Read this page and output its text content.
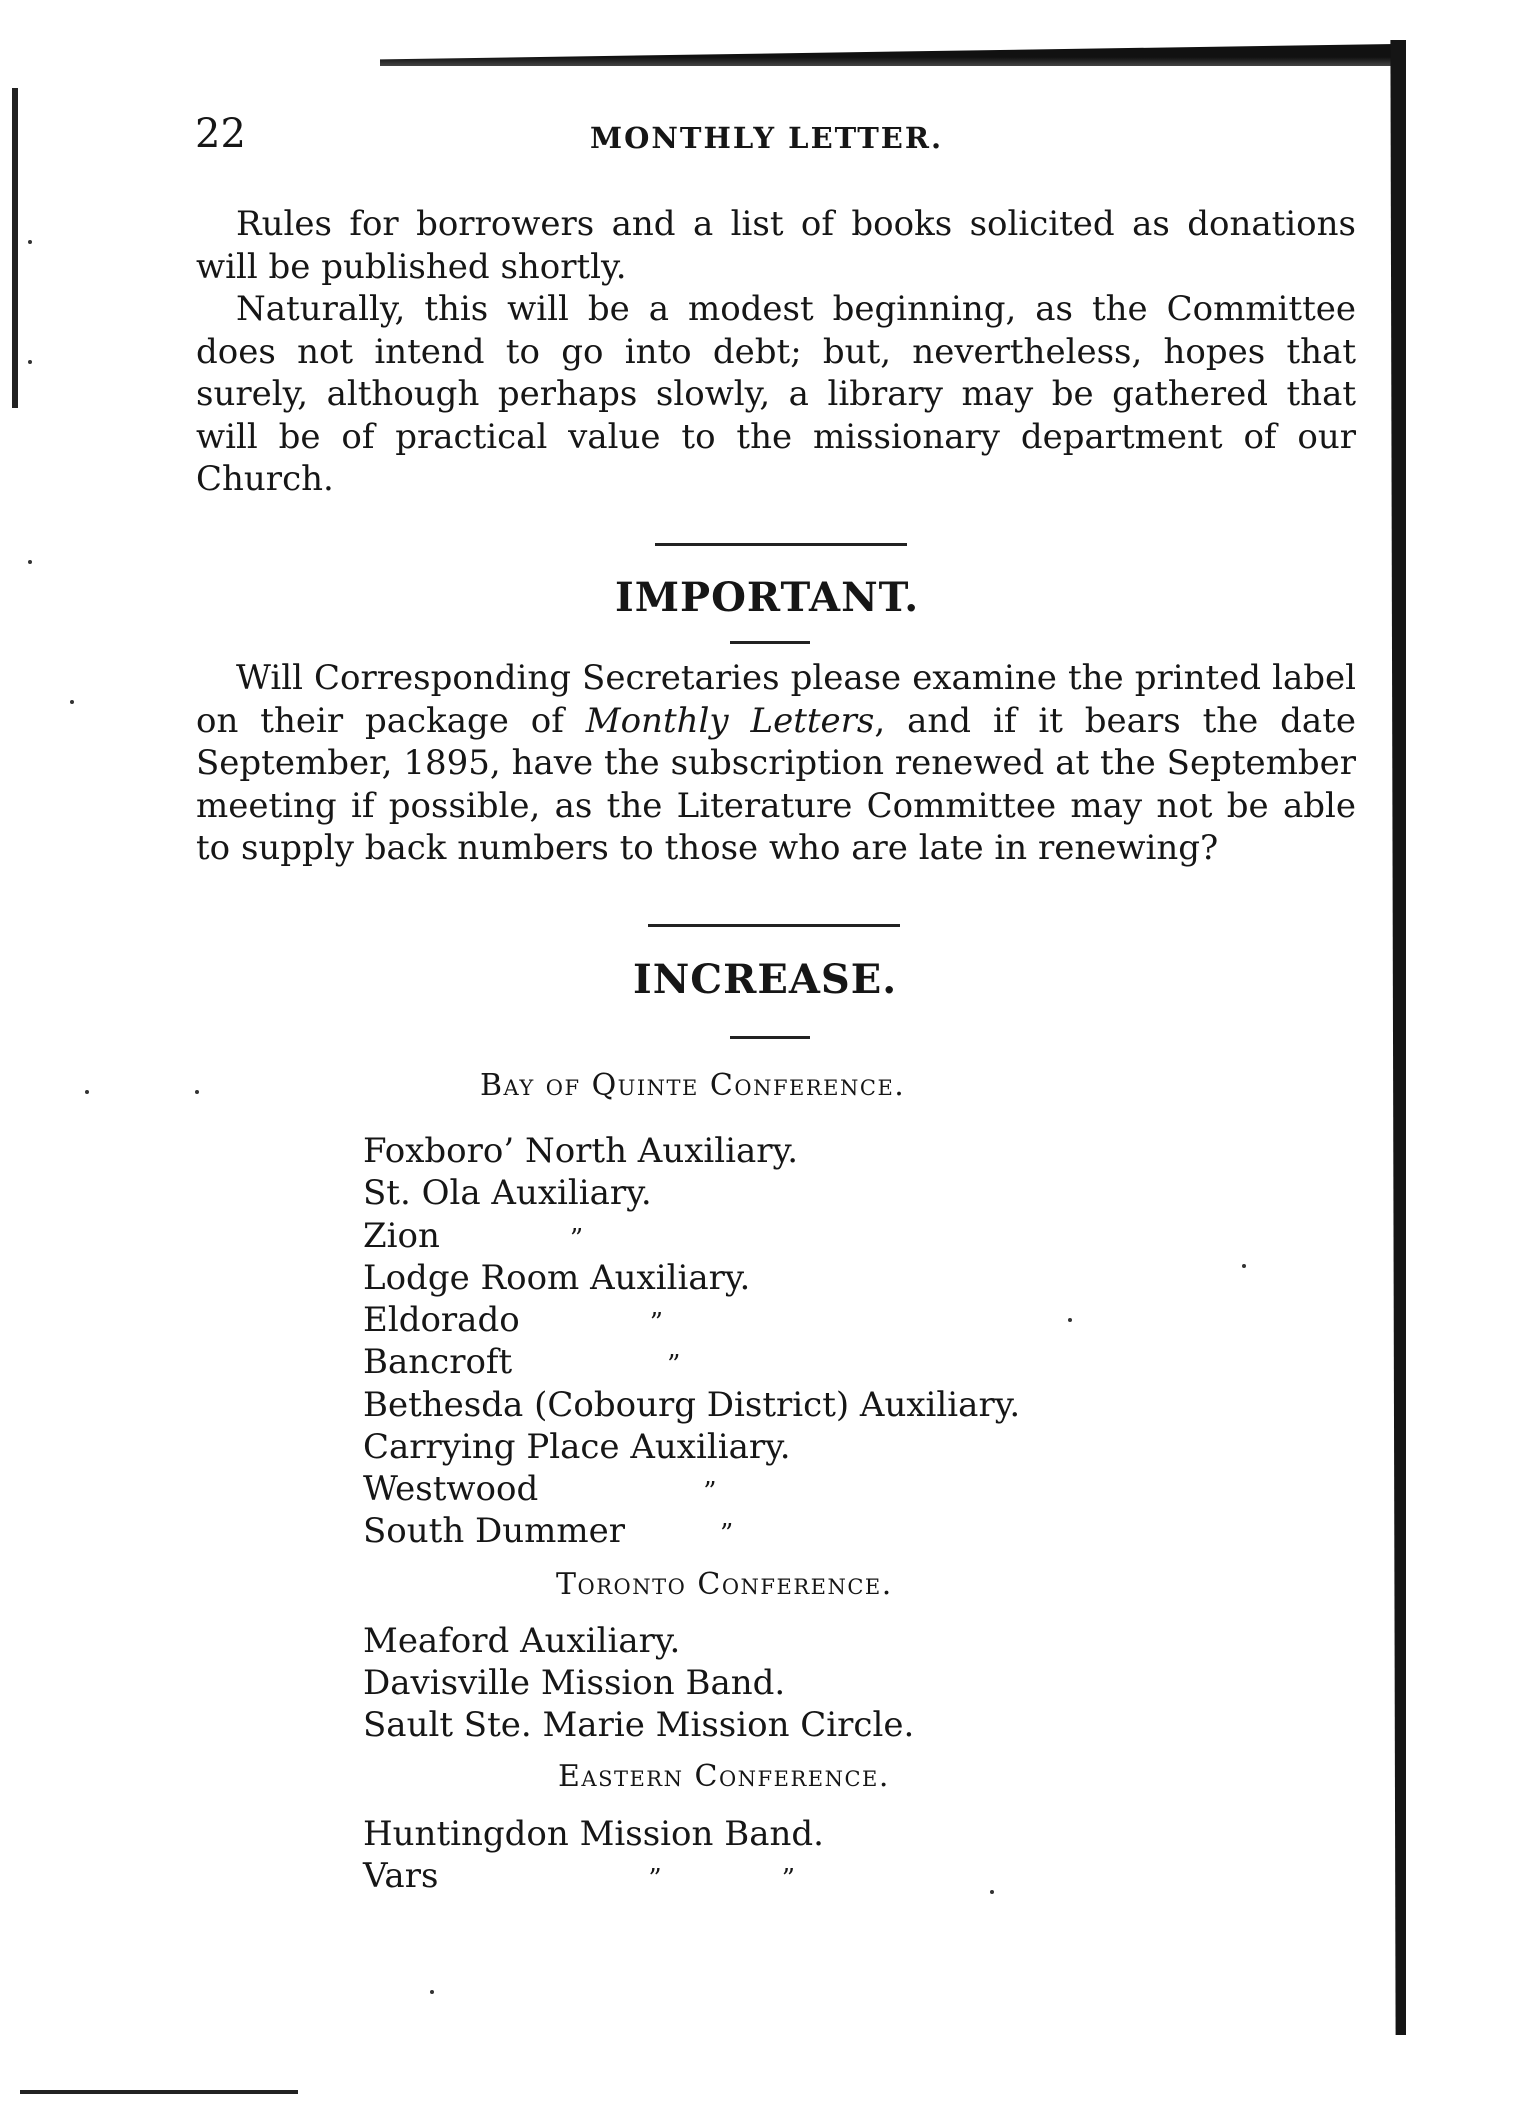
22	MONTHLY LETTER.

Rules for borrowers and a list of books solicited as donations will be published shortly.

Naturally, this will be a modest beginning, as the Committee does not intend to go into debt; but, nevertheless, hopes that surely, although perhaps slowly, a library may be gathered that will be of practical value to the missionary department of our Church.

IMPORTANT.

Will Corresponding Secretaries please examine the printed label on their package of Monthly Letters, and if it bears the date September, 1895, have the subscription renewed at the September meeting if possible, as the Literature Committee may not be able to supply back numbers to those who are late in renewing?

INCREASE.
Bay of Quinte Conference.
Foxboro’ North Auxiliary.
St. Ola Auxiliary.
Zion	”
Lodge Room Auxiliary.
Eldorado	”
Bancroft	”
Bethesda (Cobourg District) Auxiliary.
Carrying Place Auxiliary.
Westwood	”
South Dummer	”
Toronto Conference.
Meaford Auxiliary.
Davisville Mission Band.
Sault Ste. Marie Mission Circle.
Eastern Conference.
Huntingdon Mission Band.
Vars	”	”
